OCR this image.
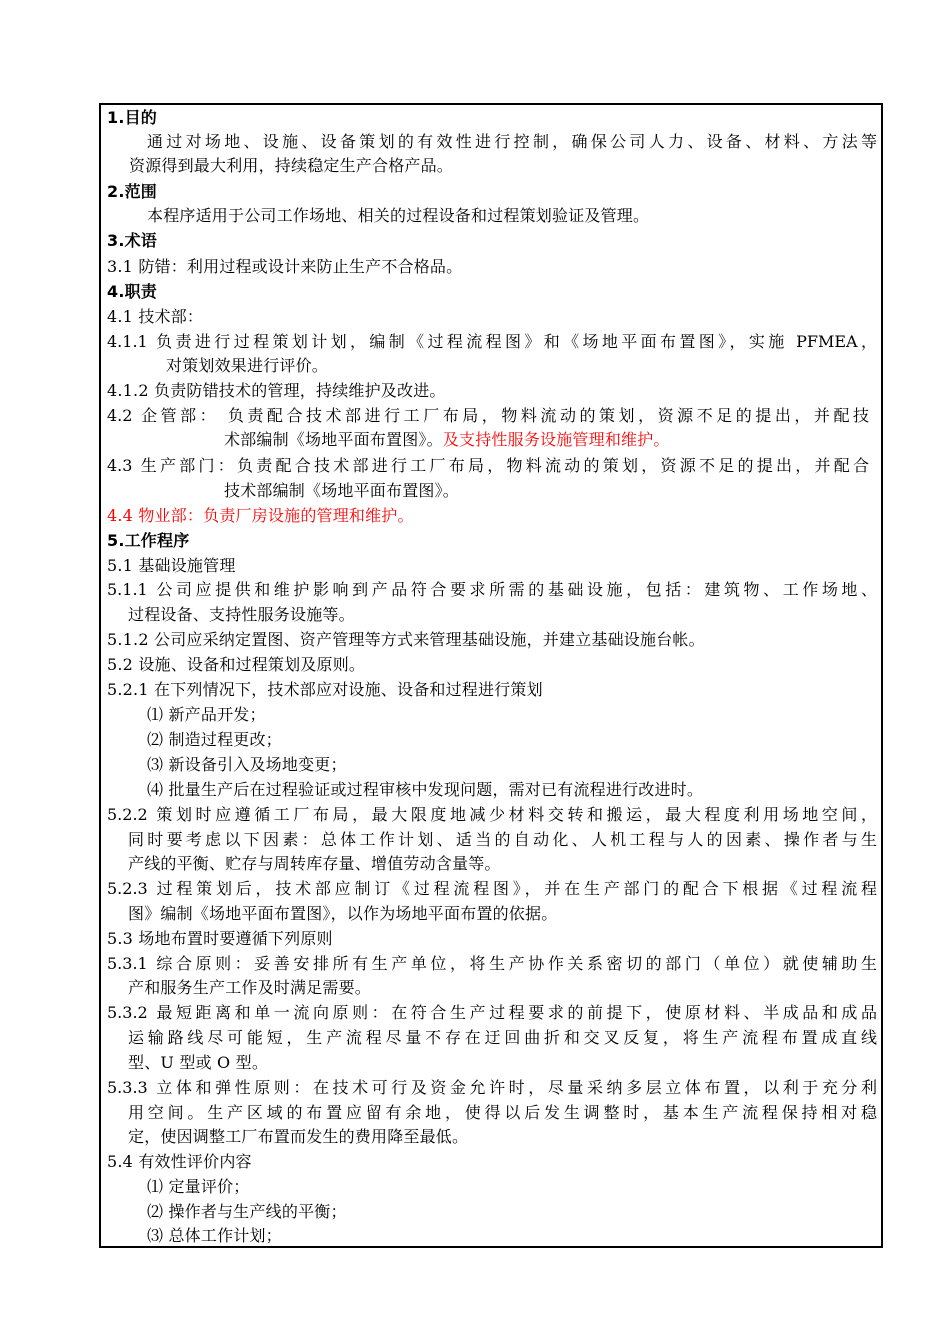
1.目的
通过对场地、设施、设备策划的有效性进行控制，确保公司人力、设备、材料、方法等
资源得到最大利用，持续稳定生产合格产品。
2.范围
本程序适用于公司工作场地、相关的过程设备和过程策划验证及管理。
3.术语
3.1 防错：利用过程或设计来防止生产不合格品。
4.职责
4.1 技术部：
4.1.1 负责进行过程策划计划，编制《过程流程图》和《场地平面布置图》，实施 PFMEA，
对策划效果进行评价。
4.1.2 负责防错技术的管理，持续维护及改进。
4.2 企管部： 负责配合技术部进行工厂布局，物料流动的策划，资源不足的提出，并配技
术部编制《场地平面布置图》。及支持性服务设施管理和维护。
4.3 生产部门：负责配合技术部进行工厂布局，物料流动的策划，资源不足的提出，并配合
技术部编制《场地平面布置图》。
4.4 物业部：负责厂房设施的管理和维护。
5.工作程序
5.1 基础设施管理
5.1.1 公司应提供和维护影响到产品符合要求所需的基础设施，包括：建筑物、工作场地、
过程设备、支持性服务设施等。
5.1.2 公司应采纳定置图、资产管理等方式来管理基础设施，并建立基础设施台帐。
5.2 设施、设备和过程策划及原则。
5.2.1 在下列情况下，技术部应对设施、设备和过程进行策划
⑴ 新产品开发；
⑵ 制造过程更改；
⑶ 新设备引入及场地变更；
⑷ 批量生产后在过程验证或过程审核中发现问题，需对已有流程进行改进时。
5.2.2 策划时应遵循工厂布局，最大限度地减少材料交转和搬运，最大程度利用场地空间，
同时要考虑以下因素：总体工作计划、适当的自动化、人机工程与人的因素、操作者与生
产线的平衡、贮存与周转库存量、增值劳动含量等。
5.2.3 过程策划后，技术部应制订《过程流程图》，并在生产部门的配合下根据《过程流程
图》编制《场地平面布置图》，以作为场地平面布置的依据。
5.3 场地布置时要遵循下列原则
5.3.1 综合原则：妥善安排所有生产单位，将生产协作关系密切的部门（单位）就使辅助生
产和服务生产工作及时满足需要。
5.3.2 最短距离和单一流向原则：在符合生产过程要求的前提下，使原材料、半成品和成品
运输路线尽可能短，生产流程尽量不存在迂回曲折和交叉反复，将生产流程布置成直线
型、U 型或 O 型。
5.3.3 立体和弹性原则：在技术可行及资金允许时，尽量采纳多层立体布置，以利于充分利
用空间。生产区域的布置应留有余地，使得以后发生调整时，基本生产流程保持相对稳
定，使因调整工厂布置而发生的费用降至最低。
5.4 有效性评价内容
⑴ 定量评价；
⑵ 操作者与生产线的平衡；
⑶ 总体工作计划；
